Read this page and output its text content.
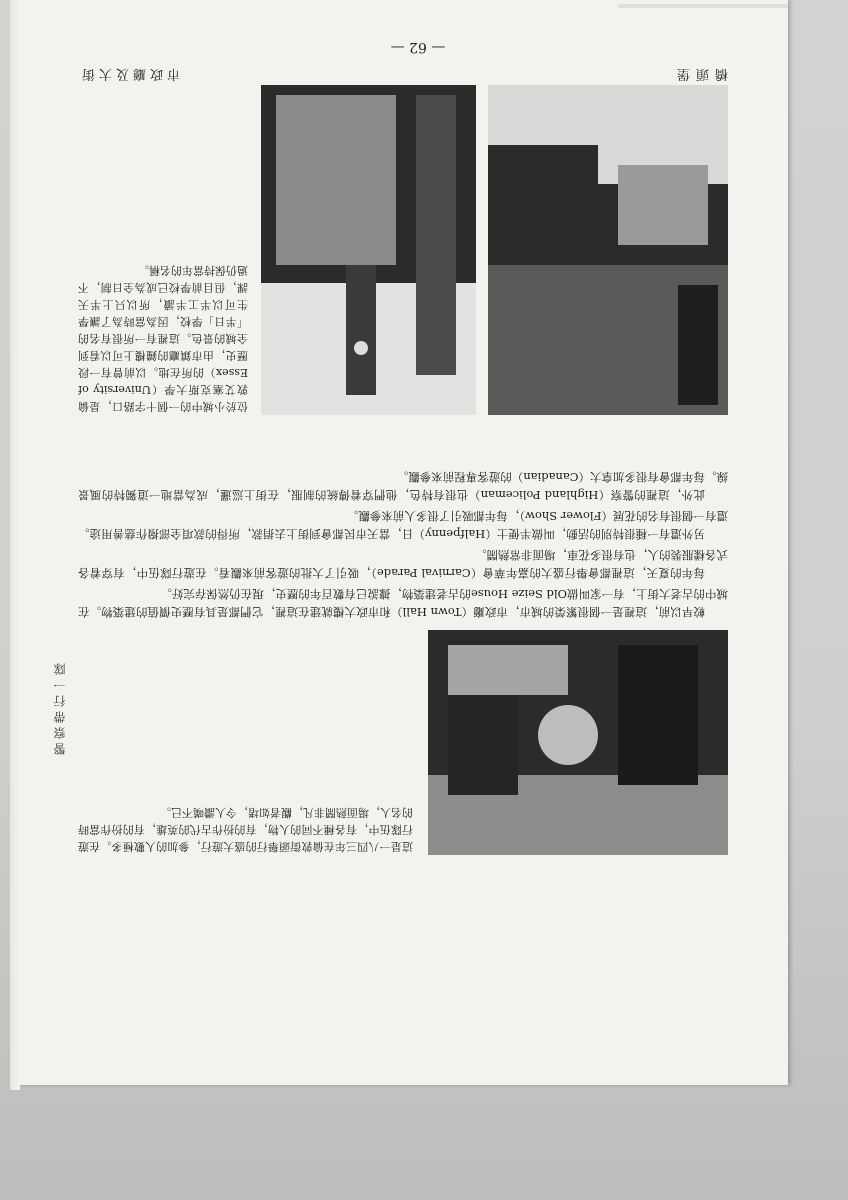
橋頭堡
市政廳及大街
— 62 —
位於小城中的一個十字路口，是倫敦艾塞克斯大學（University of Essex）的所在地。以前曾有一段歷史，由市鎮廳的鐘樓上可以看到全城的景色。這裡有一所很有名的「半日」學校，因為當時為了讓學生可以半工半讀，所以只上半天課，但目前學校已成為全日制，不過仍保持當年的名稱。
這是一八四三年在倫敦街頭舉行的盛大遊行，參加的人數極多。在遊行隊伍中，有各種不同的人物，有的扮作古代的英雄，有的扮作當時的名人，場面熱鬧非凡，觀者如堵，令人讚嘆不已。

較早以前，這裡是一個很繁榮的城市，市政廳（Town Hall）和市政大樓就建在這裡，它們都是具有歷史價值的建築物。在城中的古老大街上，有一家叫做Old Seize House的古老建築物，據說已有數百年的歷史，現在仍然保存完好。

每年的夏天，這裡都會舉行盛大的嘉年華會（Carnival Parade），吸引了大批的遊客前來觀看。在遊行隊伍中，有穿着各式各樣服裝的人，也有很多花車，場面非常熱鬧。

另外還有一種很特別的活動，叫做半便士（Halfpenny）日，當天市民都會到街上去捐款，所得的款項全部撥作慈善用途。還有一個很有名的花展（Flower Show），每年都吸引了很多人前來參觀。

此外，這裡的警察（Highland Policeman）也很有特色，他們穿着傳統的制服，在街上巡邏，成為當地一道獨特的風景線。每年都會有很多加拿大（Canadian）的遊客專程前來參觀。

警察帶行一隊
